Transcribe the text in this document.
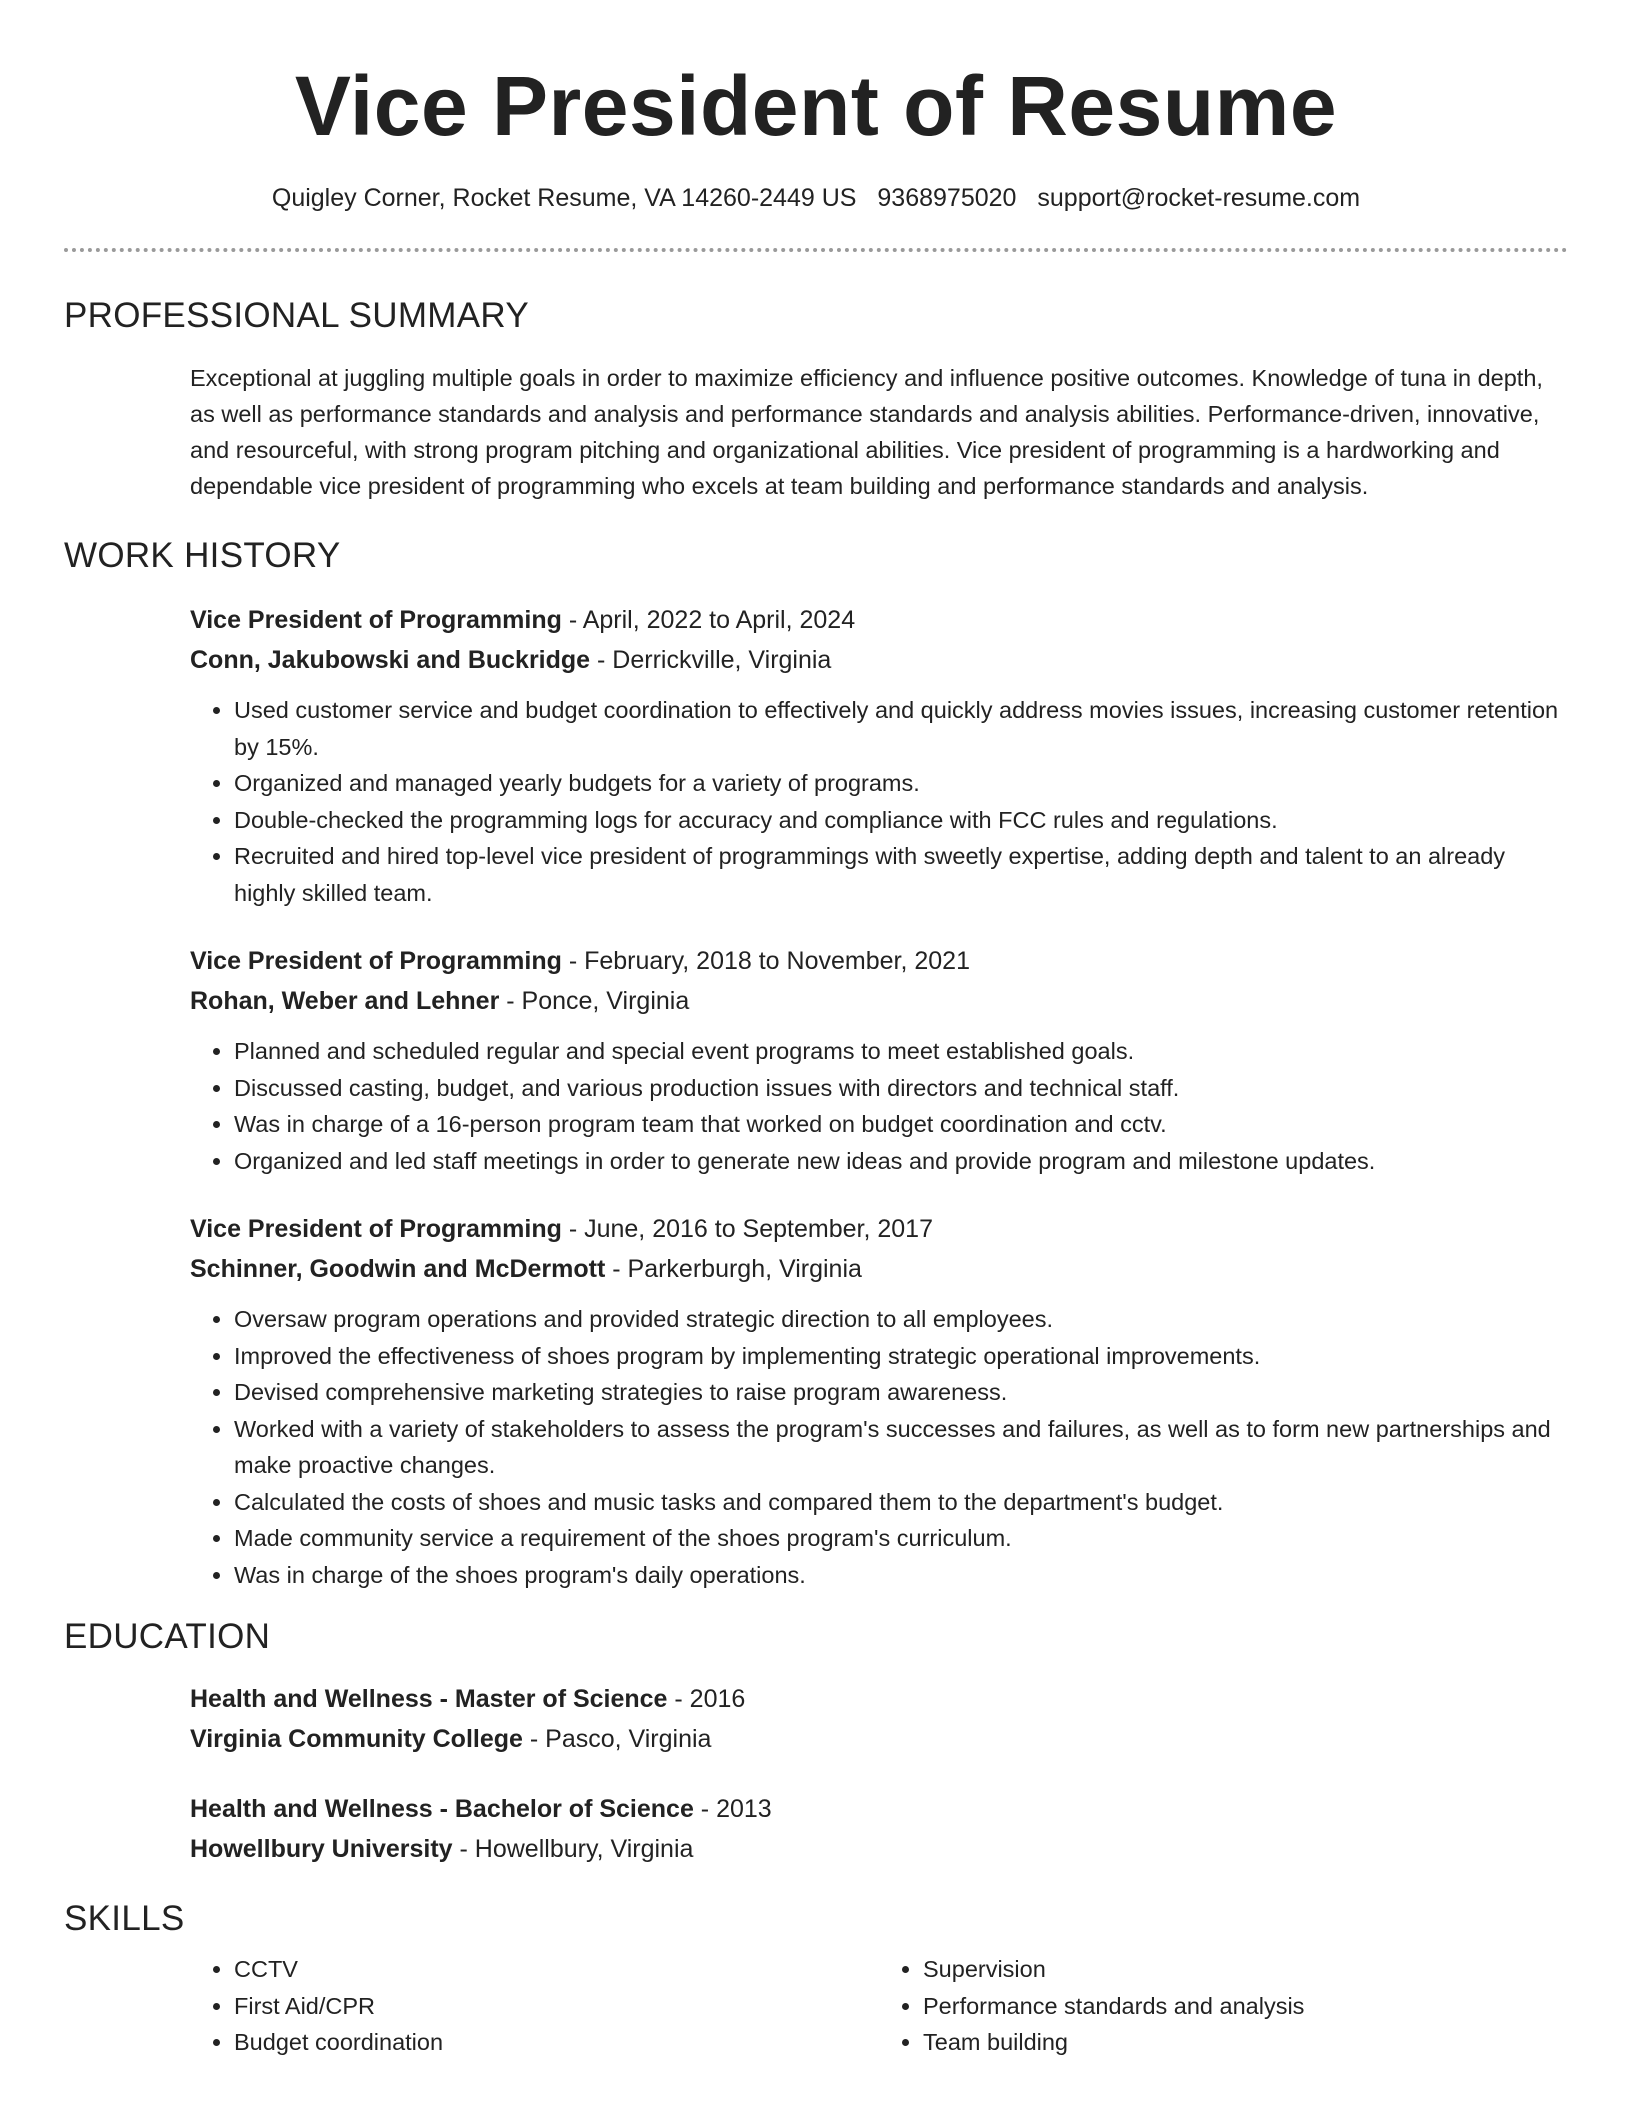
Vice President of Resume
Quigley Corner, Rocket Resume, VA 14260-2449 US 9368975020 support@rocket-resume.com
PROFESSIONAL SUMMARY

Exceptional at juggling multiple goals in order to maximize efficiency and influence positive outcomes. Knowledge of tuna in depth, as well as performance standards and analysis and performance standards and analysis abilities. Performance-driven, innovative, and resourceful, with strong program pitching and organizational abilities. Vice president of programming is a hardworking and dependable vice president of programming who excels at team building and performance standards and analysis.

WORK HISTORY
Vice President of Programming - April, 2022 to April, 2024
Conn, Jakubowski and Buckridge - Derrickville, Virginia
• Used customer service and budget coordination to effectively and quickly address movies issues, increasing customer retention by 15%.
• Organized and managed yearly budgets for a variety of programs.
• Double-checked the programming logs for accuracy and compliance with FCC rules and regulations.
• Recruited and hired top-level vice president of programmings with sweetly expertise, adding depth and talent to an already highly skilled team.
Vice President of Programming - February, 2018 to November, 2021
Rohan, Weber and Lehner - Ponce, Virginia
• Planned and scheduled regular and special event programs to meet established goals.
• Discussed casting, budget, and various production issues with directors and technical staff.
• Was in charge of a 16-person program team that worked on budget coordination and cctv.
• Organized and led staff meetings in order to generate new ideas and provide program and milestone updates.
Vice President of Programming - June, 2016 to September, 2017
Schinner, Goodwin and McDermott - Parkerburgh, Virginia
• Oversaw program operations and provided strategic direction to all employees.
• Improved the effectiveness of shoes program by implementing strategic operational improvements.
• Devised comprehensive marketing strategies to raise program awareness.
• Worked with a variety of stakeholders to assess the program's successes and failures, as well as to form new partnerships and make proactive changes.
• Calculated the costs of shoes and music tasks and compared them to the department's budget.
• Made community service a requirement of the shoes program's curriculum.
• Was in charge of the shoes program's daily operations.
EDUCATION
Health and Wellness - Master of Science - 2016
Virginia Community College - Pasco, Virginia
Health and Wellness - Bachelor of Science - 2013
Howellbury University - Howellbury, Virginia
SKILLS
• CCTV
• First Aid/CPR
• Budget coordination
• Supervision
• Performance standards and analysis
• Team building
